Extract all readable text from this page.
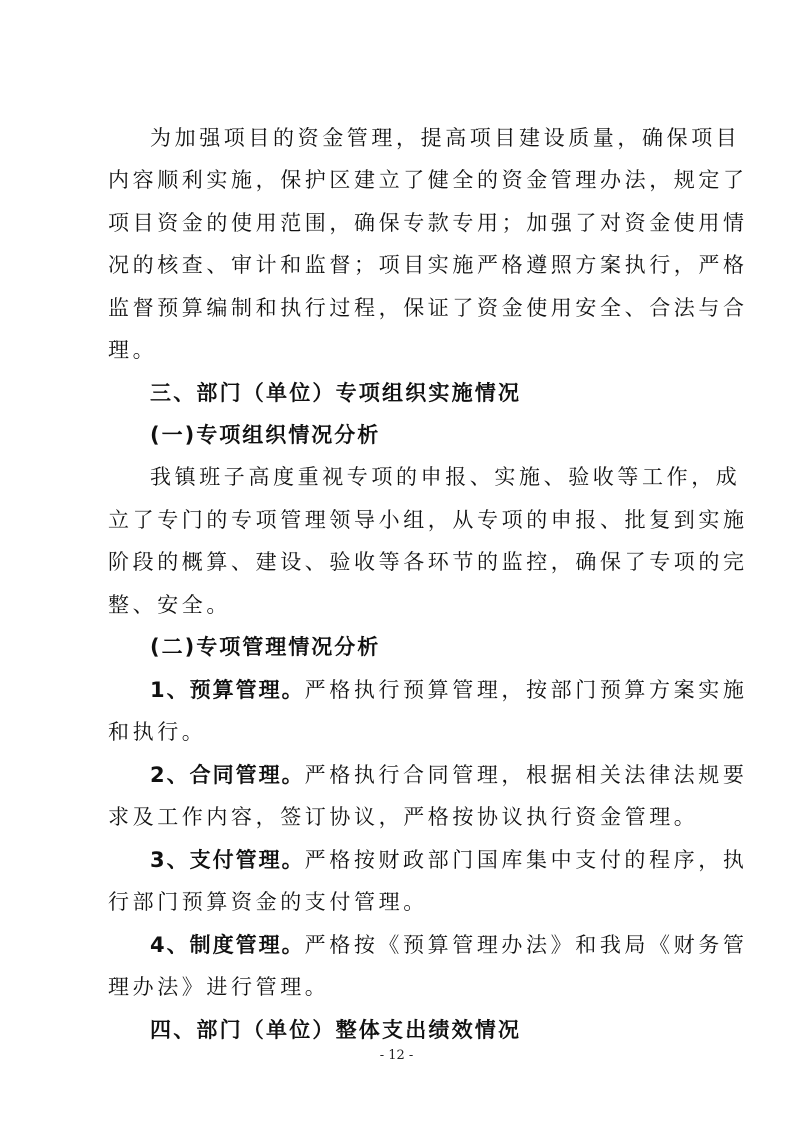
为加强项目的资金管理，提高项目建设质量，确保项目
内容顺利实施，保护区建立了健全的资金管理办法，规定了
项目资金的使用范围，确保专款专用；加强了对资金使用情
况的核查、审计和监督；项目实施严格遵照方案执行，严格
监督预算编制和执行过程，保证了资金使用安全、合法与合
理。
三、部门（单位）专项组织实施情况
(一)专项组织情况分析
我镇班子高度重视专项的申报、实施、验收等工作，成
立了专门的专项管理领导小组，从专项的申报、批复到实施
阶段的概算、建设、验收等各环节的监控，确保了专项的完
整、安全。
(二)专项管理情况分析
1、预算管理。严格执行预算管理，按部门预算方案实施
和执行。
2、合同管理。严格执行合同管理，根据相关法律法规要
求及工作内容，签订协议，严格按协议执行资金管理。
3、支付管理。严格按财政部门国库集中支付的程序，执
行部门预算资金的支付管理。
4、制度管理。严格按《预算管理办法》和我局《财务管
理办法》进行管理。
四、部门（单位）整体支出绩效情况
- 12 -
